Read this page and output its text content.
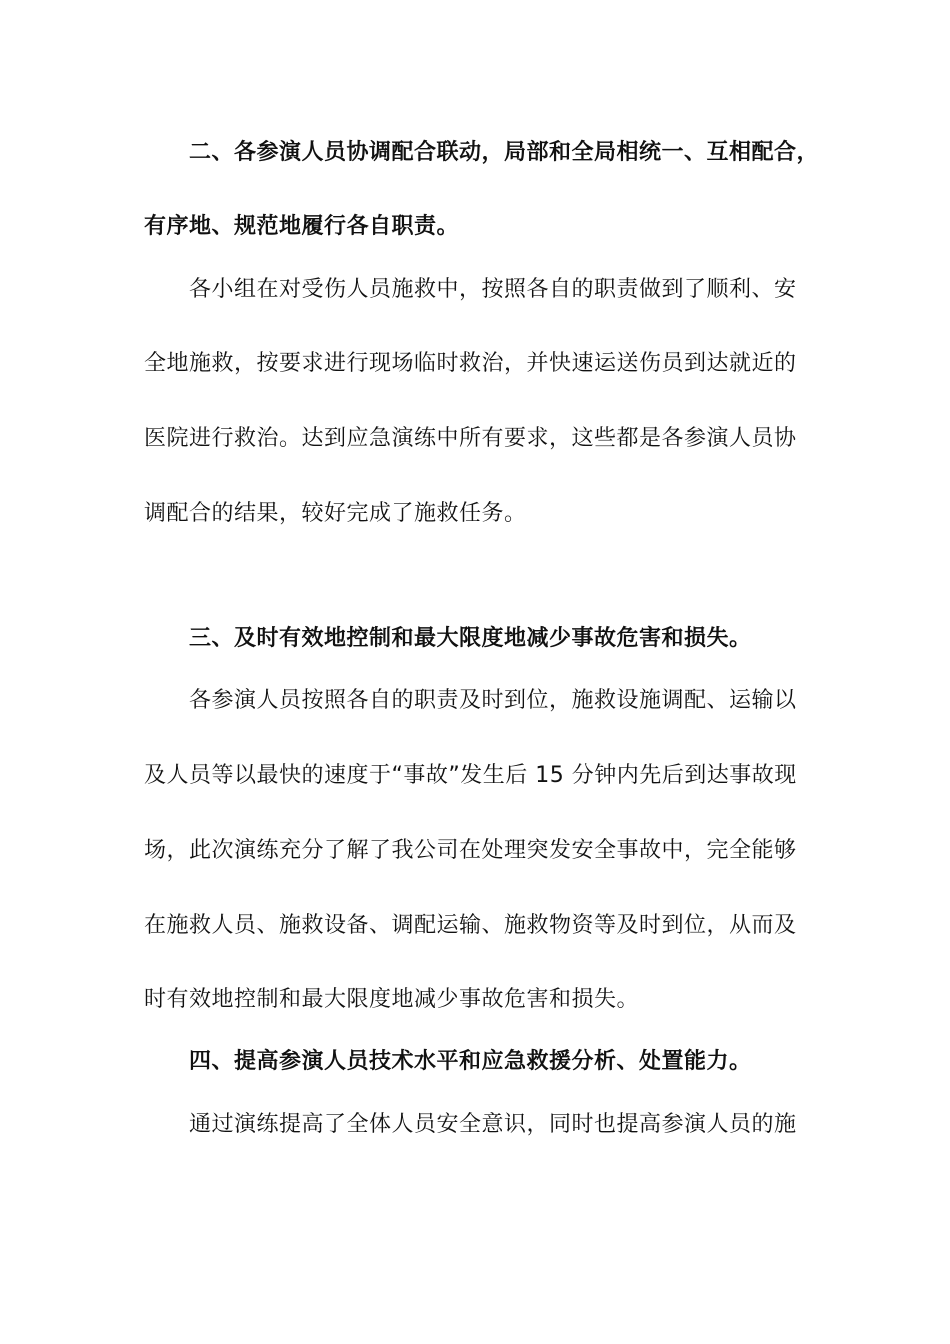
二、各参演人员协调配合联动，局部和全局相统一、互相配合，
有序地、规范地履行各自职责。
各小组在对受伤人员施救中，按照各自的职责做到了顺利、安
全地施救，按要求进行现场临时救治，并快速运送伤员到达就近的
医院进行救治。达到应急演练中所有要求，这些都是各参演人员协
调配合的结果，较好完成了施救任务。
三、及时有效地控制和最大限度地减少事故危害和损失。
各参演人员按照各自的职责及时到位，施救设施调配、运输以
及人员等以最快的速度于“事故”发生后 15 分钟内先后到达事故现
场，此次演练充分了解了我公司在处理突发安全事故中，完全能够
在施救人员、施救设备、调配运输、施救物资等及时到位，从而及
时有效地控制和最大限度地减少事故危害和损失。
四、提高参演人员技术水平和应急救援分析、处置能力。
通过演练提高了全体人员安全意识，同时也提高参演人员的施
